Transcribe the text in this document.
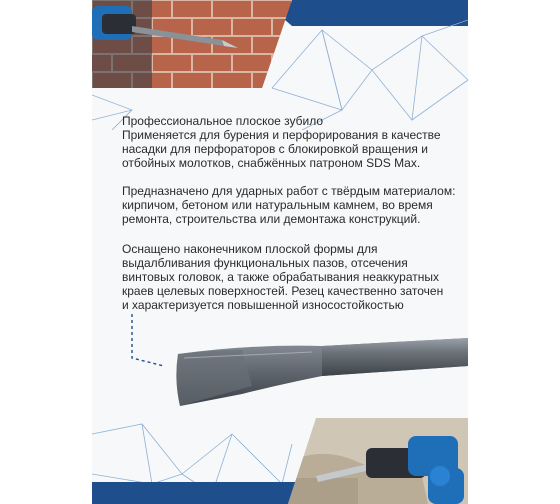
Профессиональное плоское зубило

Применяется для бурения и перфорирования в качестве

насадки для перфораторов с блокировкой вращения и

отбойных молотков, снабжённых патроном SDS Max.

Предназначено для ударных работ с твёрдым материалом:

кирпичом, бетоном или натуральным камнем, во время

ремонта, строительства или демонтажа конструкций.

Оснащено наконечником плоской формы для

выдалбливания функциональных пазов, отсечения

винтовых головок, а также обрабатывания неаккуратных

краев целевых поверхностей. Резец качественно заточен

и характеризуется повышенной износостойкостью
